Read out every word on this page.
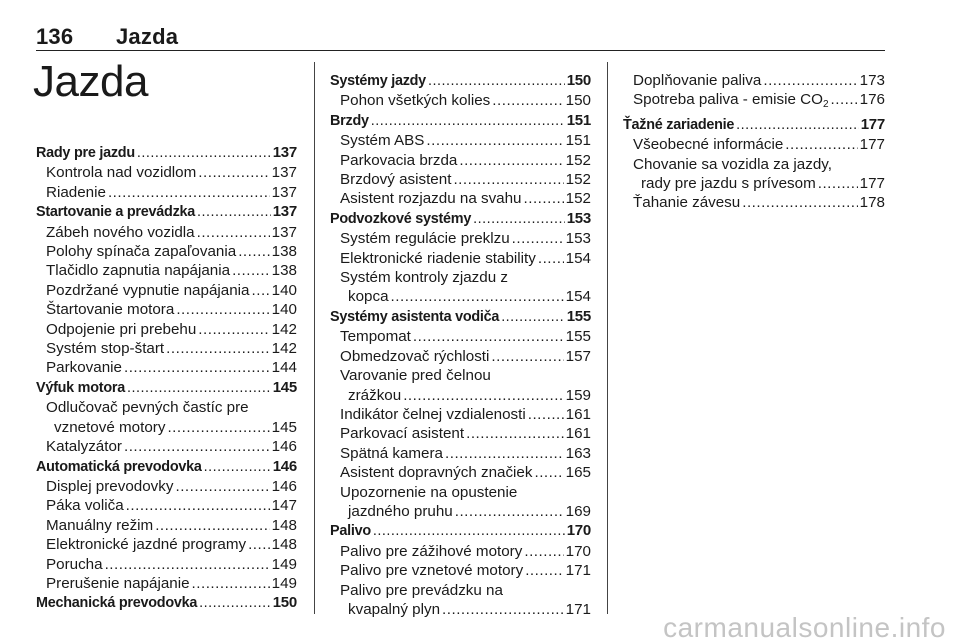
136 Jazda
Jazda
Rady pre jazdu .....	137
Kontrola nad vozidlom .....	137
Riadenie .....	137
Startovanie a prevádzka .....	137
Zábeh nového vozidla .....	137
Polohy spínača zapaľovania ..... 138
Tlačidlo zapnutia napájania .....	138
Pozdržané vypnutie napájania ..... 140
Štartovanie motora .....	140
Odpojenie pri prebehu .....	142
Systém stop-štart .....	142
Parkovanie .....	144
Výfuk motora .....	145
Odlučovač pevných častíc pre
vznetové motory .....	145
Katalyzátor .....	146
Automatická prevodovka .....	146
Displej prevodovky .....	146
Páka voliča .....	147
Manuálny režim .....	148
Elektronické jazdné programy ..... 148
Porucha .....	149
Prerušenie napájanie .....	149
Mechanická prevodovka .....	150
Systémy jazdy .....	150
Pohon všetkých kolies .....	150
Brzdy .....	151
Systém ABS .....	151
Parkovacia brzda .....	152
Brzdový asistent .....	152
Asistent rozjazdu na svahu .....	152
Podvozkové systémy .....	153
Systém regulácie preklzu .....	153
Elektronické riadenie stability ..... 154
Systém kontroly zjazdu z
kopca .....	154
Systémy asistenta vodiča .....	155
Tempomat .....	155
Obmedzovač rýchlosti .....	157
Varovanie pred čelnou
zrážkou .....	159
Indikátor čelnej vzdialenosti .....	161
Parkovací asistent .....	161
Spätná kamera .....	163
Asistent dopravných značiek ..... 165
Upozornenie na opustenie
jazdného pruhu .....	169
Palivo .....	170
Palivo pre zážihové motory .....	170
Palivo pre vznetové motory .....	171
Palivo pre prevádzku na
kvapalný plyn .....	171
Doplňovanie paliva .....	173
Spotreba paliva - emisie CO2 ..... 176
Ťažné zariadenie .....	177
Všeobecné informácie .....	177
Chovanie sa vozidla za jazdy,
rady pre jazdu s prívesom .....	177
Ťahanie závesu .....	178
carmanualsonline.info
